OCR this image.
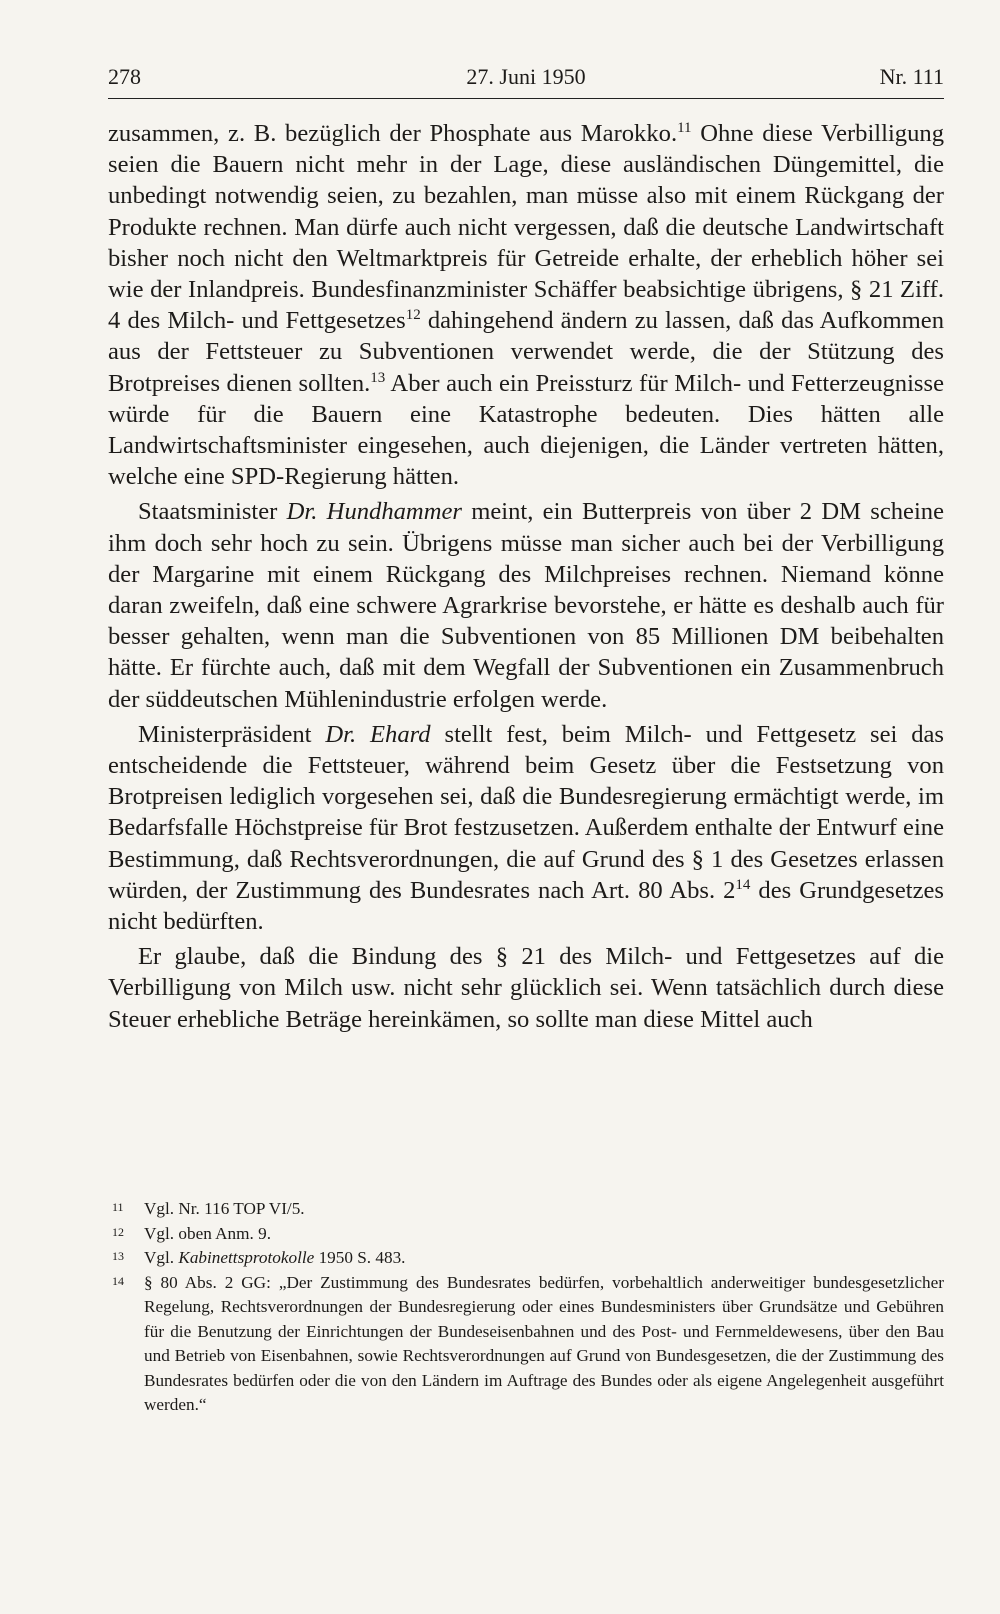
278	27. Juni 1950	Nr. 111

zusammen, z. B. bezüglich der Phosphate aus Marokko.$^{11}$ Ohne diese Verbilligung seien die Bauern nicht mehr in der Lage, diese ausländischen Düngemittel, die unbedingt notwendig seien, zu bezahlen, man müsse also mit einem Rückgang der Produkte rechnen. Man dürfe auch nicht vergessen, daß die deutsche Landwirtschaft bisher noch nicht den Weltmarktpreis für Getreide erhalte, der erheblich höher sei wie der Inlandpreis. Bundesfinanzminister Schäffer beabsichtige übrigens, § 21 Ziff. 4 des Milch- und Fettgesetzes$^{12}$ dahingehend ändern zu lassen, daß das Aufkommen aus der Fettsteuer zu Subventionen verwendet werde, die der Stützung des Brotpreises dienen sollten.$^{13}$ Aber auch ein Preissturz für Milch- und Fetterzeugnisse würde für die Bauern eine Katastrophe bedeuten. Dies hätten alle Landwirtschaftsminister eingesehen, auch diejenigen, die Länder vertreten hätten, welche eine SPD-Regierung hätten.

Staatsminister Dr. Hundhammer meint, ein Butterpreis von über 2 DM scheine ihm doch sehr hoch zu sein. Übrigens müsse man sicher auch bei der Verbilligung der Margarine mit einem Rückgang des Milchpreises rechnen. Niemand könne daran zweifeln, daß eine schwere Agrarkrise bevorstehe, er hätte es deshalb auch für besser gehalten, wenn man die Subventionen von 85 Millionen DM beibehalten hätte. Er fürchte auch, daß mit dem Wegfall der Subventionen ein Zusammenbruch der süddeutschen Mühlenindustrie erfolgen werde.

Ministerpräsident Dr. Ehard stellt fest, beim Milch- und Fettgesetz sei das entscheidende die Fettsteuer, während beim Gesetz über die Festsetzung von Brotpreisen lediglich vorgesehen sei, daß die Bundesregierung ermächtigt werde, im Bedarfsfalle Höchstpreise für Brot festzusetzen. Außerdem enthalte der Entwurf eine Bestimmung, daß Rechtsverordnungen, die auf Grund des § 1 des Gesetzes erlassen würden, der Zustimmung des Bundesrates nach Art. 80 Abs. $2^{14}$ des Grundgesetzes nicht bedürften.

Er glaube, daß die Bindung des § 21 des Milch- und Fettgesetzes auf die Verbilligung von Milch usw. nicht sehr glücklich sei. Wenn tatsächlich durch diese Steuer erhebliche Beträge hereinkämen, so sollte man diese Mittel auch

11 Vgl. Nr. 116 TOP VI/5.
12 Vgl. oben Anm. 9.
13 Vgl. Kabinettsprotokolle 1950 S. 483.
14 § 80 Abs. 2 GG: „Der Zustimmung des Bundesrates bedürfen, vorbehaltlich anderweitiger bundesgesetzlicher Regelung, Rechtsverordnungen der Bundesregierung oder eines Bundesministers über Grundsätze und Gebühren für die Benutzung der Einrichtungen der Bundeseisenbahnen und des Post- und Fernmeldewesens, über den Bau und Betrieb von Eisenbahnen, sowie Rechtsverordnungen auf Grund von Bundesgesetzen, die der Zustimmung des Bundesrates bedürfen oder die von den Ländern im Auftrage des Bundes oder als eigene Angelegenheit ausgeführt werden.“
